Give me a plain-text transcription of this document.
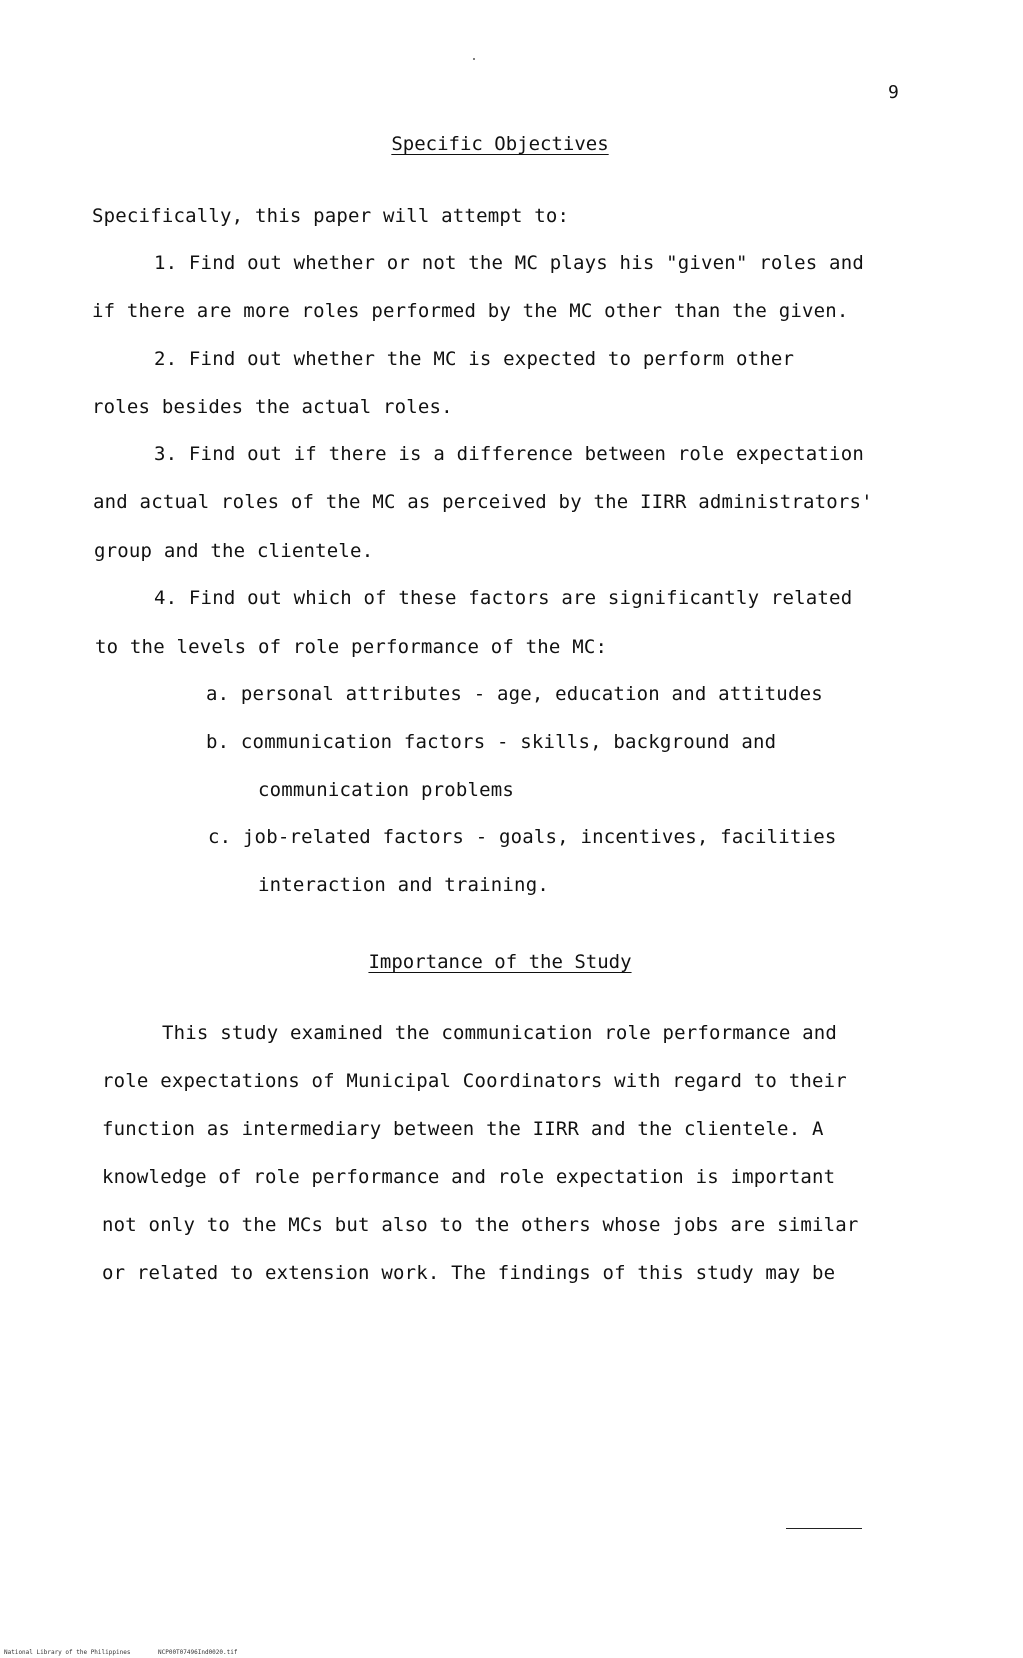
9
Specific Objectives
Specifically, this paper will attempt to:
1. Find out whether or not the MC plays his "given" roles and
if there are more roles performed by the MC other than the given.
2. Find out whether the MC is expected to perform other
roles besides the actual roles.
3. Find out if there is a difference between role expectation
and actual roles of the MC as perceived by the IIRR administrators'
group and the clientele.
4. Find out which of these factors are significantly related
to the levels of role performance of the MC:
a. personal attributes - age, education and attitudes
b. communication factors - skills, background and
communication problems
c. job-related factors - goals, incentives, facilities
interaction and training.
Importance of the Study
This study examined the communication role performance and
role expectations of Municipal Coordinators with regard to their
function as intermediary between the IIRR and the clientele. A
knowledge of role performance and role expectation is important
not only to the MCs but also to the others whose jobs are similar
or related to extension work. The findings of this study may be
National Library of the Philippines	NCP00T07496Ind0020.tif
